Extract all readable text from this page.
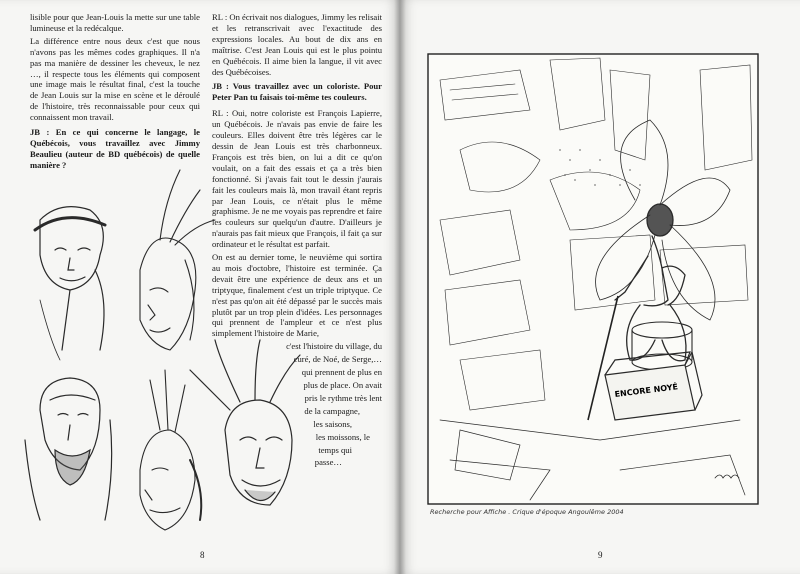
lisible pour que Jean-Louis la mette sur une table lumineuse et la redécalque.

La différence entre nous deux c'est que nous n'avons pas les mêmes codes graphiques. Il n'a pas ma manière de dessiner les cheveux, le nez …, il respecte tous les éléments qui composent une image mais le résultat final, c'est la touche de Jean Louis sur la mise en scène et le déroulé de l'histoire, très reconnaissable pour ceux qui connaissent mon travail.

JB : En ce qui concerne le langage, le Québécois, vous travaillez avec Jimmy Beaulieu (auteur de BD québécois) de quelle manière ?

RL : On écrivait nos dialogues, Jimmy les relisait et les retranscrivait avec l'exactitude des expressions locales. Au bout de dix ans en maîtrise. C'est Jean Louis qui est le plus pointu en Québécois. Il aime bien la langue, il vit avec des Québécoises.

JB : Vous travaillez avec un coloriste. Pour Peter Pan tu faisais toi-même tes couleurs.

RL : Oui, notre coloriste est François Lapierre, un Québécois. Je n'avais pas envie de faire les couleurs. Elles doivent être très légères car le dessin de Jean Louis est très charbonneux. François est très bien, on lui a dit ce qu'on voulait, on a fait des essais et ça a très bien fonctionné. Si j'avais fait tout le dessin j'aurais fait les couleurs mais là, mon travail étant repris par Jean Louis, ce n'était plus le même graphisme. Je ne me voyais pas reprendre et faire les couleurs sur quelqu'un d'autre. D'ailleurs je n'aurais pas fait mieux que François, il fait ça sur ordinateur et le résultat est parfait.

On est au dernier tome, le neuvième qui sortira au mois d'octobre, l'histoire est terminée. Ça devait être une expérience de deux ans et un triptyque, finalement c'est un triple triptyque. Ce n'est pas qu'on ait été dépassé par le succès mais plutôt par un trop plein d'idées. Les personnages qui prennent de l'ampleur et ce n'est plus simplement l'histoire de Marie,

c'est l'histoire du village, du

curé, de Noé, de Serge,…

qui prennent de plus en

plus de place. On avait

pris le rythme très lent

de la campagne,

les saisons,

les moissons, le

temps qui

passe…

8
ENCORE NOYÉ
Recherche pour Affiche . Crique d'époque Angoulême 2004
9
